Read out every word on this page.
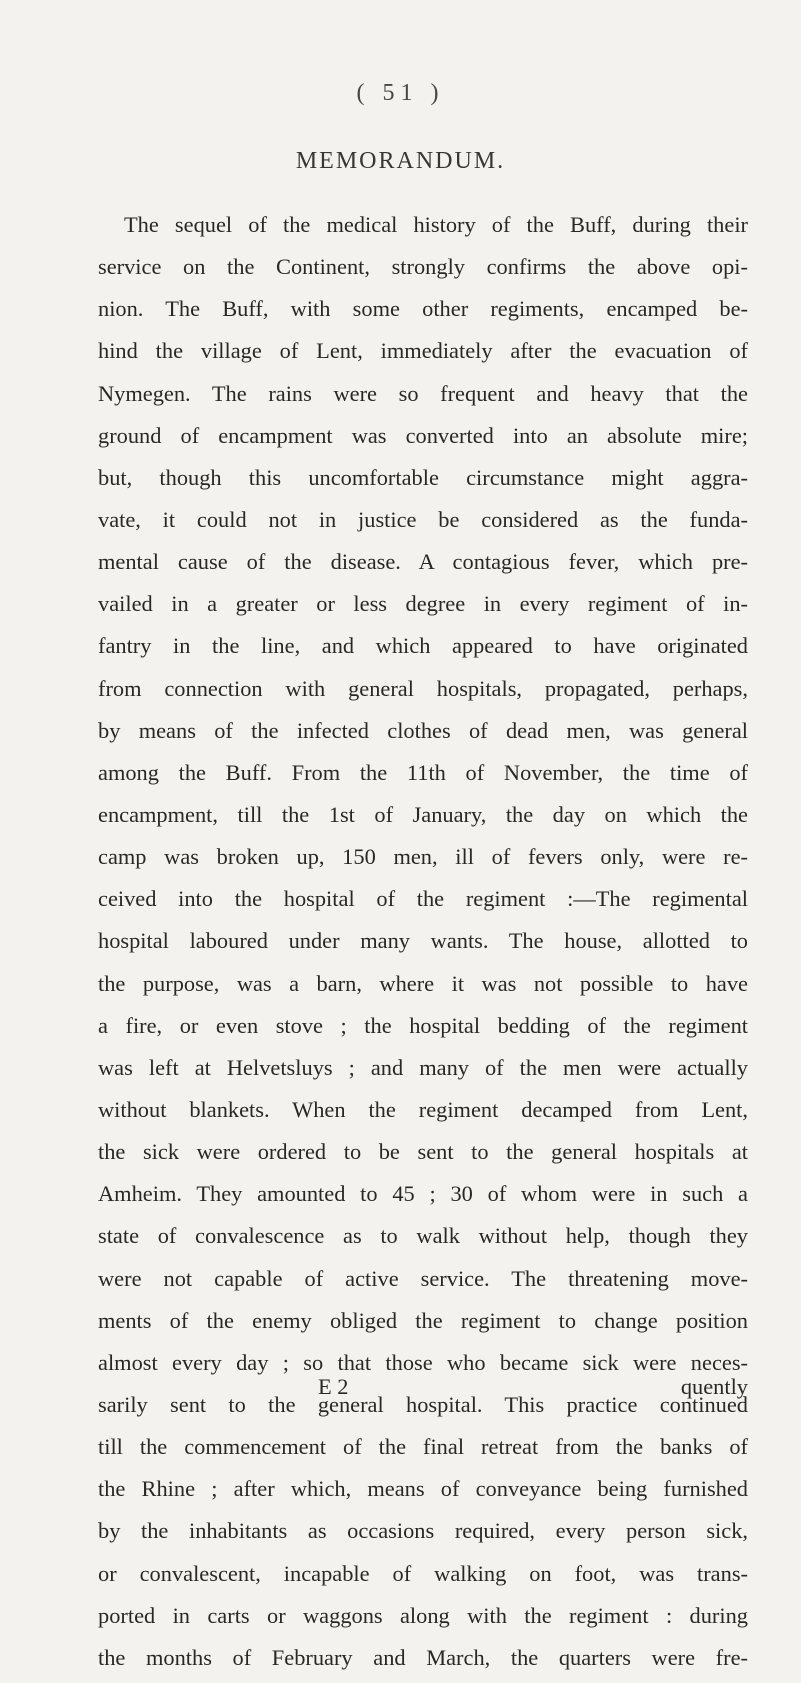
( 51 )
MEMORANDUM.
The sequel of the medical history of the Buff, during their
service on the Continent, strongly confirms the above opi-
nion. The Buff, with some other regiments, encamped be-
hind the village of Lent, immediately after the evacuation of
Nymegen. The rains were so frequent and heavy that the
ground of encampment was converted into an absolute mire;
but, though this uncomfortable circumstance might aggra-
vate, it could not in justice be considered as the funda-
mental cause of the disease. A contagious fever, which pre-
vailed in a greater or less degree in every regiment of in-
fantry in the line, and which appeared to have originated
from connection with general hospitals, propagated, perhaps,
by means of the infected clothes of dead men, was general
among the Buff. From the 11th of November, the time of
encampment, till the 1st of January, the day on which the
camp was broken up, 150 men, ill of fevers only, were re-
ceived into the hospital of the regiment :—The regimental
hospital laboured under many wants. The house, allotted to
the purpose, was a barn, where it was not possible to have
a fire, or even stove ; the hospital bedding of the regiment
was left at Helvetsluys ; and many of the men were actually
without blankets. When the regiment decamped from Lent,
the sick were ordered to be sent to the general hospitals at
Amheim. They amounted to 45 ; 30 of whom were in such a
state of convalescence as to walk without help, though they
were not capable of active service. The threatening move-
ments of the enemy obliged the regiment to change position
almost every day ; so that those who became sick were neces-
sarily sent to the general hospital. This practice continued
till the commencement of the final retreat from the banks of
the Rhine ; after which, means of conveyance being furnished
by the inhabitants as occasions required, every person sick,
or convalescent, incapable of walking on foot, was trans-
ported in carts or waggons along with the regiment : during
the months of February and March, the quarters were fre-
E 2	quently
